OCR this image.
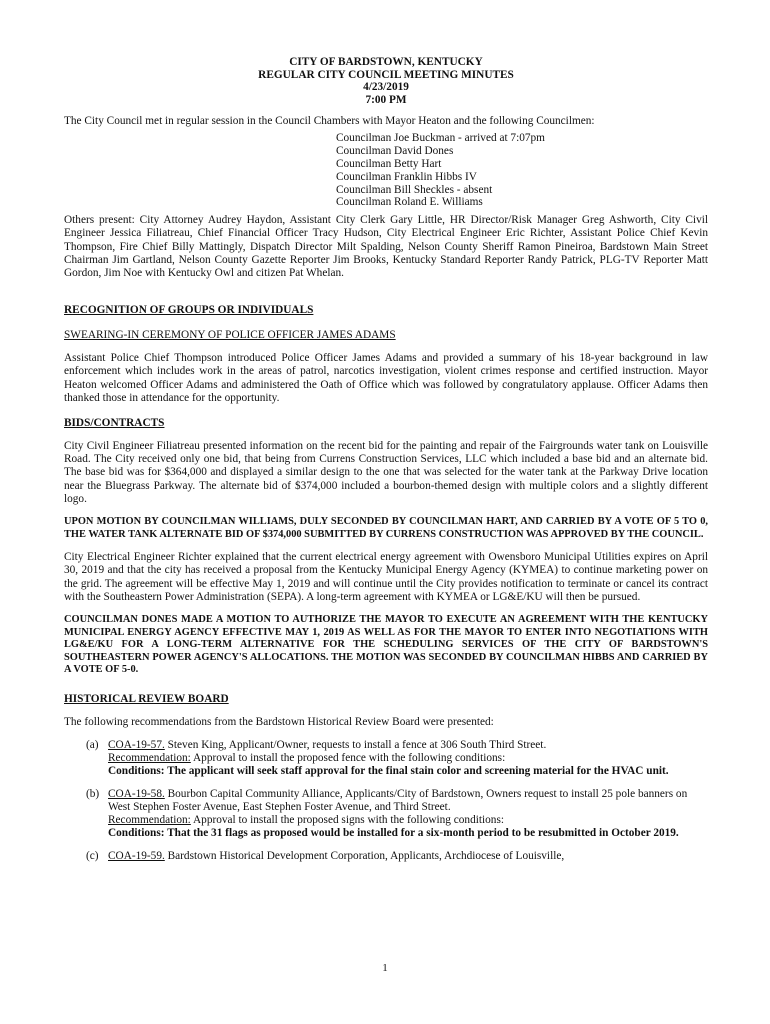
CITY OF BARDSTOWN, KENTUCKY
REGULAR CITY COUNCIL MEETING MINUTES
4/23/2019
7:00 PM

The City Council met in regular session in the Council Chambers with Mayor Heaton and the following Councilmen:

Councilman Joe Buckman - arrived at 7:07pm
Councilman David Dones
Councilman Betty Hart
Councilman Franklin Hibbs IV
Councilman Bill Sheckles - absent
Councilman Roland E. Williams

Others present: City Attorney Audrey Haydon, Assistant City Clerk Gary Little, HR Director/Risk Manager Greg Ashworth, City Civil Engineer Jessica Filiatreau, Chief Financial Officer Tracy Hudson, City Electrical Engineer Eric Richter, Assistant Police Chief Kevin Thompson, Fire Chief Billy Mattingly, Dispatch Director Milt Spalding, Nelson County Sheriff Ramon Pineiroa, Bardstown Main Street Chairman Jim Gartland, Nelson County Gazette Reporter Jim Brooks, Kentucky Standard Reporter Randy Patrick, PLG-TV Reporter Matt Gordon, Jim Noe with Kentucky Owl and citizen Pat Whelan.

RECOGNITION OF GROUPS OR INDIVIDUALS
SWEARING-IN CEREMONY OF POLICE OFFICER JAMES ADAMS

Assistant Police Chief Thompson introduced Police Officer James Adams and provided a summary of his 18-year background in law enforcement which includes work in the areas of patrol, narcotics investigation, violent crimes response and certified instruction. Mayor Heaton welcomed Officer Adams and administered the Oath of Office which was followed by congratulatory applause. Officer Adams then thanked those in attendance for the opportunity.

BIDS/CONTRACTS

City Civil Engineer Filiatreau presented information on the recent bid for the painting and repair of the Fairgrounds water tank on Louisville Road. The City received only one bid, that being from Currens Construction Services, LLC which included a base bid and an alternate bid. The base bid was for $364,000 and displayed a similar design to the one that was selected for the water tank at the Parkway Drive location near the Bluegrass Parkway. The alternate bid of $374,000 included a bourbon-themed design with multiple colors and a slightly different logo.

UPON MOTION BY COUNCILMAN WILLIAMS, DULY SECONDED BY COUNCILMAN HART, AND CARRIED BY A VOTE OF 5 TO 0, THE WATER TANK ALTERNATE BID OF $374,000 SUBMITTED BY CURRENS CONSTRUCTION WAS APPROVED BY THE COUNCIL.

City Electrical Engineer Richter explained that the current electrical energy agreement with Owensboro Municipal Utilities expires on April 30, 2019 and that the city has received a proposal from the Kentucky Municipal Energy Agency (KYMEA) to continue marketing power on the grid. The agreement will be effective May 1, 2019 and will continue until the City provides notification to terminate or cancel its contract with the Southeastern Power Administration (SEPA). A long-term agreement with KYMEA or LG&E/KU will then be pursued.

COUNCILMAN DONES MADE A MOTION TO AUTHORIZE THE MAYOR TO EXECUTE AN AGREEMENT WITH THE KENTUCKY MUNICIPAL ENERGY AGENCY EFFECTIVE MAY 1, 2019 AS WELL AS FOR THE MAYOR TO ENTER INTO NEGOTIATIONS WITH LG&E/KU FOR A LONG-TERM ALTERNATIVE FOR THE SCHEDULING SERVICES OF THE CITY OF BARDSTOWN'S SOUTHEASTERN POWER AGENCY'S ALLOCATIONS. THE MOTION WAS SECONDED BY COUNCILMAN HIBBS AND CARRIED BY A VOTE OF 5-0.

HISTORICAL REVIEW BOARD

The following recommendations from the Bardstown Historical Review Board were presented:

(a) COA-19-57. Steven King, Applicant/Owner, requests to install a fence at 306 South Third Street.
Recommendation: Approval to install the proposed fence with the following conditions:
Conditions: The applicant will seek staff approval for the final stain color and screening material for the HVAC unit.
(b) COA-19-58. Bourbon Capital Community Alliance, Applicants/City of Bardstown, Owners request to install 25 pole banners on West Stephen Foster Avenue, East Stephen Foster Avenue, and Third Street.
Recommendation: Approval to install the proposed signs with the following conditions:
Conditions: That the 31 flags as proposed would be installed for a six-month period to be resubmitted in October 2019.
(c) COA-19-59. Bardstown Historical Development Corporation, Applicants, Archdiocese of Louisville,
1
